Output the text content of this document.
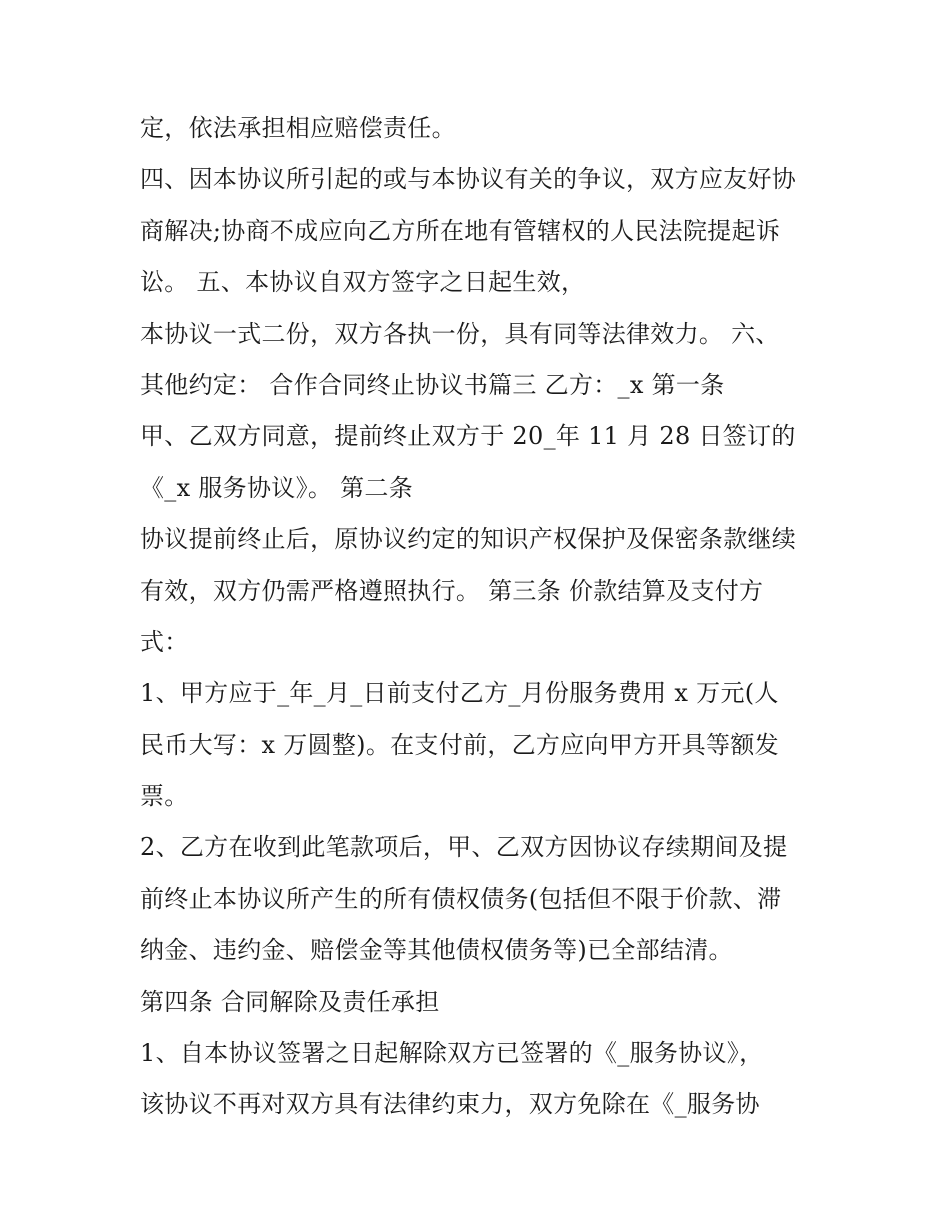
定，依法承担相应赔偿责任。
四、因本协议所引起的或与本协议有关的争议，双方应友好协
商解决;协商不成应向乙方所在地有管辖权的人民法院提起诉
讼。 五、本协议自双方签字之日起生效，
本协议一式二份，双方各执一份，具有同等法律效力。 六、
其他约定： 合作合同终止协议书篇三 乙方：_x 第一条
甲、乙双方同意，提前终止双方于 20_年 11 月 28 日签订的
《_x 服务协议》。 第二条
协议提前终止后，原协议约定的知识产权保护及保密条款继续
有效，双方仍需严格遵照执行。 第三条 价款结算及支付方
式：
1、甲方应于_年_月_日前支付乙方_月份服务费用 x 万元(人
民币大写：x 万圆整)。在支付前，乙方应向甲方开具等额发
票。
2、乙方在收到此笔款项后，甲、乙双方因协议存续期间及提
前终止本协议所产生的所有债权债务(包括但不限于价款、滞
纳金、违约金、赔偿金等其他债权债务等)已全部结清。
第四条 合同解除及责任承担
1、自本协议签署之日起解除双方已签署的《_服务协议》，
该协议不再对双方具有法律约束力，双方免除在《_服务协
